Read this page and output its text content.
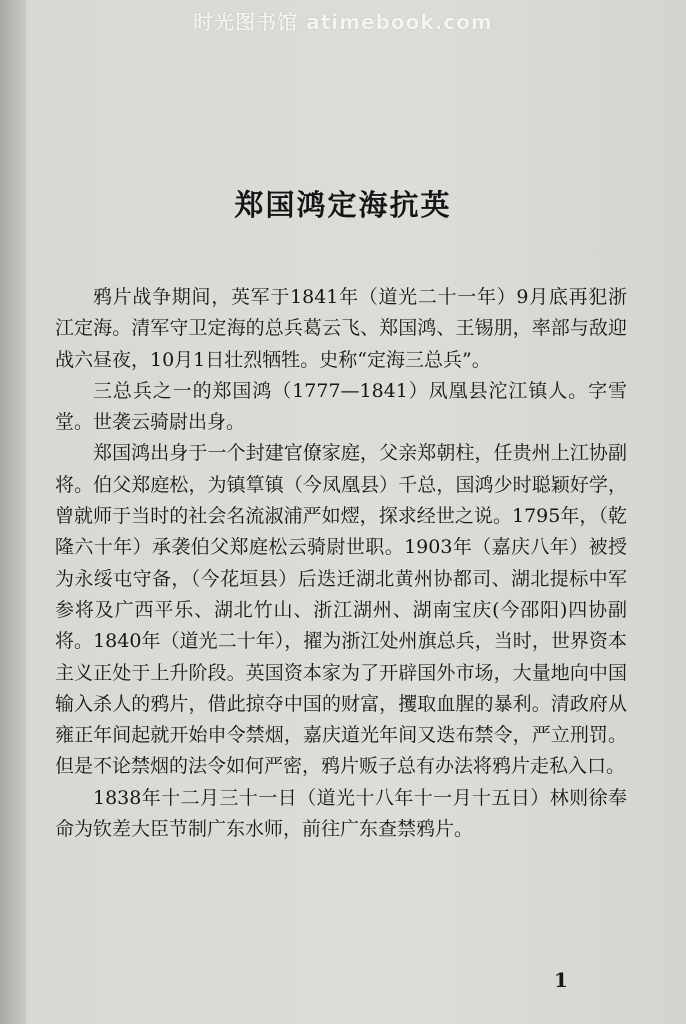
时光图书馆 atimebook.com
郑国鸿定海抗英

鸦片战争期间，英军于1841年（道光二十一年）9月底再犯浙江定海。清军守卫定海的总兵葛云飞、郑国鸿、王锡朋，率部与敌迎战六昼夜，10月1日壮烈牺牲。史称“定海三总兵”。

三总兵之一的郑国鸿（1777—1841）凤凰县沱江镇人。字雪堂。世袭云骑尉出身。

郑国鸿出身于一个封建官僚家庭，父亲郑朝柱，任贵州上江协副将。伯父郑庭松，为镇筸镇（今凤凰县）千总，国鸿少时聪颖好学，曾就师于当时的社会名流淑浦严如熤，探求经世之说。1795年，（乾隆六十年）承袭伯父郑庭松云骑尉世职。1903年（嘉庆八年）被授为永绥屯守备，（今花垣县）后迭迁湖北黄州协都司、湖北提标中军参将及广西平乐、湖北竹山、浙江湖州、湖南宝庆(今邵阳)四协副将。1840年（道光二十年），擢为浙江处州旗总兵，当时，世界资本主义正处于上升阶段。英国资本家为了开辟国外市场，大量地向中国输入杀人的鸦片，借此掠夺中国的财富，攫取血腥的暴利。清政府从雍正年间起就开始申令禁烟，嘉庆道光年间又迭布禁令，严立刑罚。但是不论禁烟的法令如何严密，鸦片贩子总有办法将鸦片走私入口。

1838年十二月三十一日（道光十八年十一月十五日）林则徐奉命为钦差大臣节制广东水师，前往广东查禁鸦片。

1
